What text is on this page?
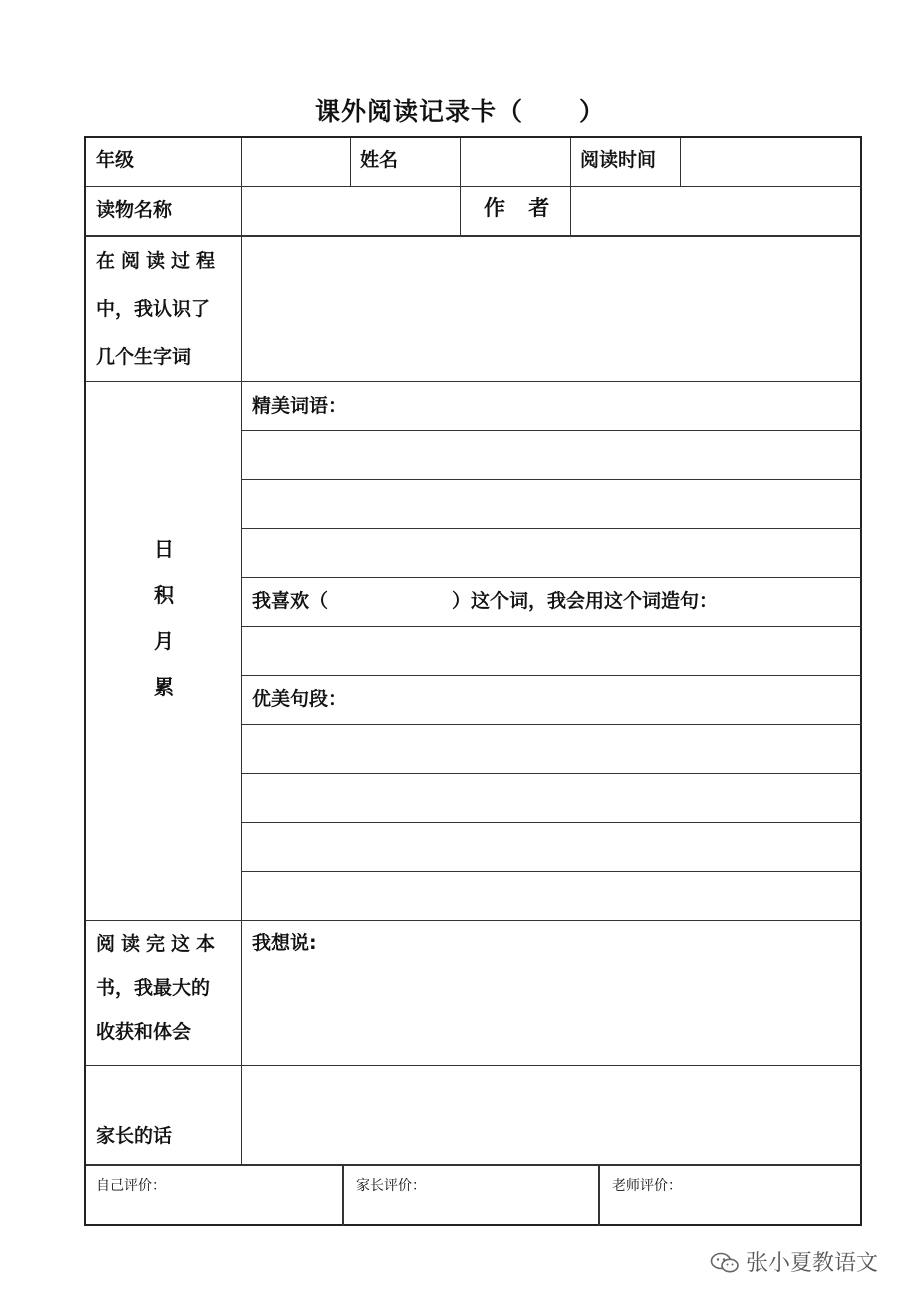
课外阅读记录卡（ ）
年级	姓名	阅读时间
读物名称	作 者
在阅读过程
中，我认识了
几个生字词
日
积
月
累
精美词语：
我喜欢（	）这个词，我会用这个词造句：
优美句段：
阅读完这本
书，我最大的
收获和体会
我想说:
家长的话
自己评价：	家长评价：	老师评价：
张小夏教语文
